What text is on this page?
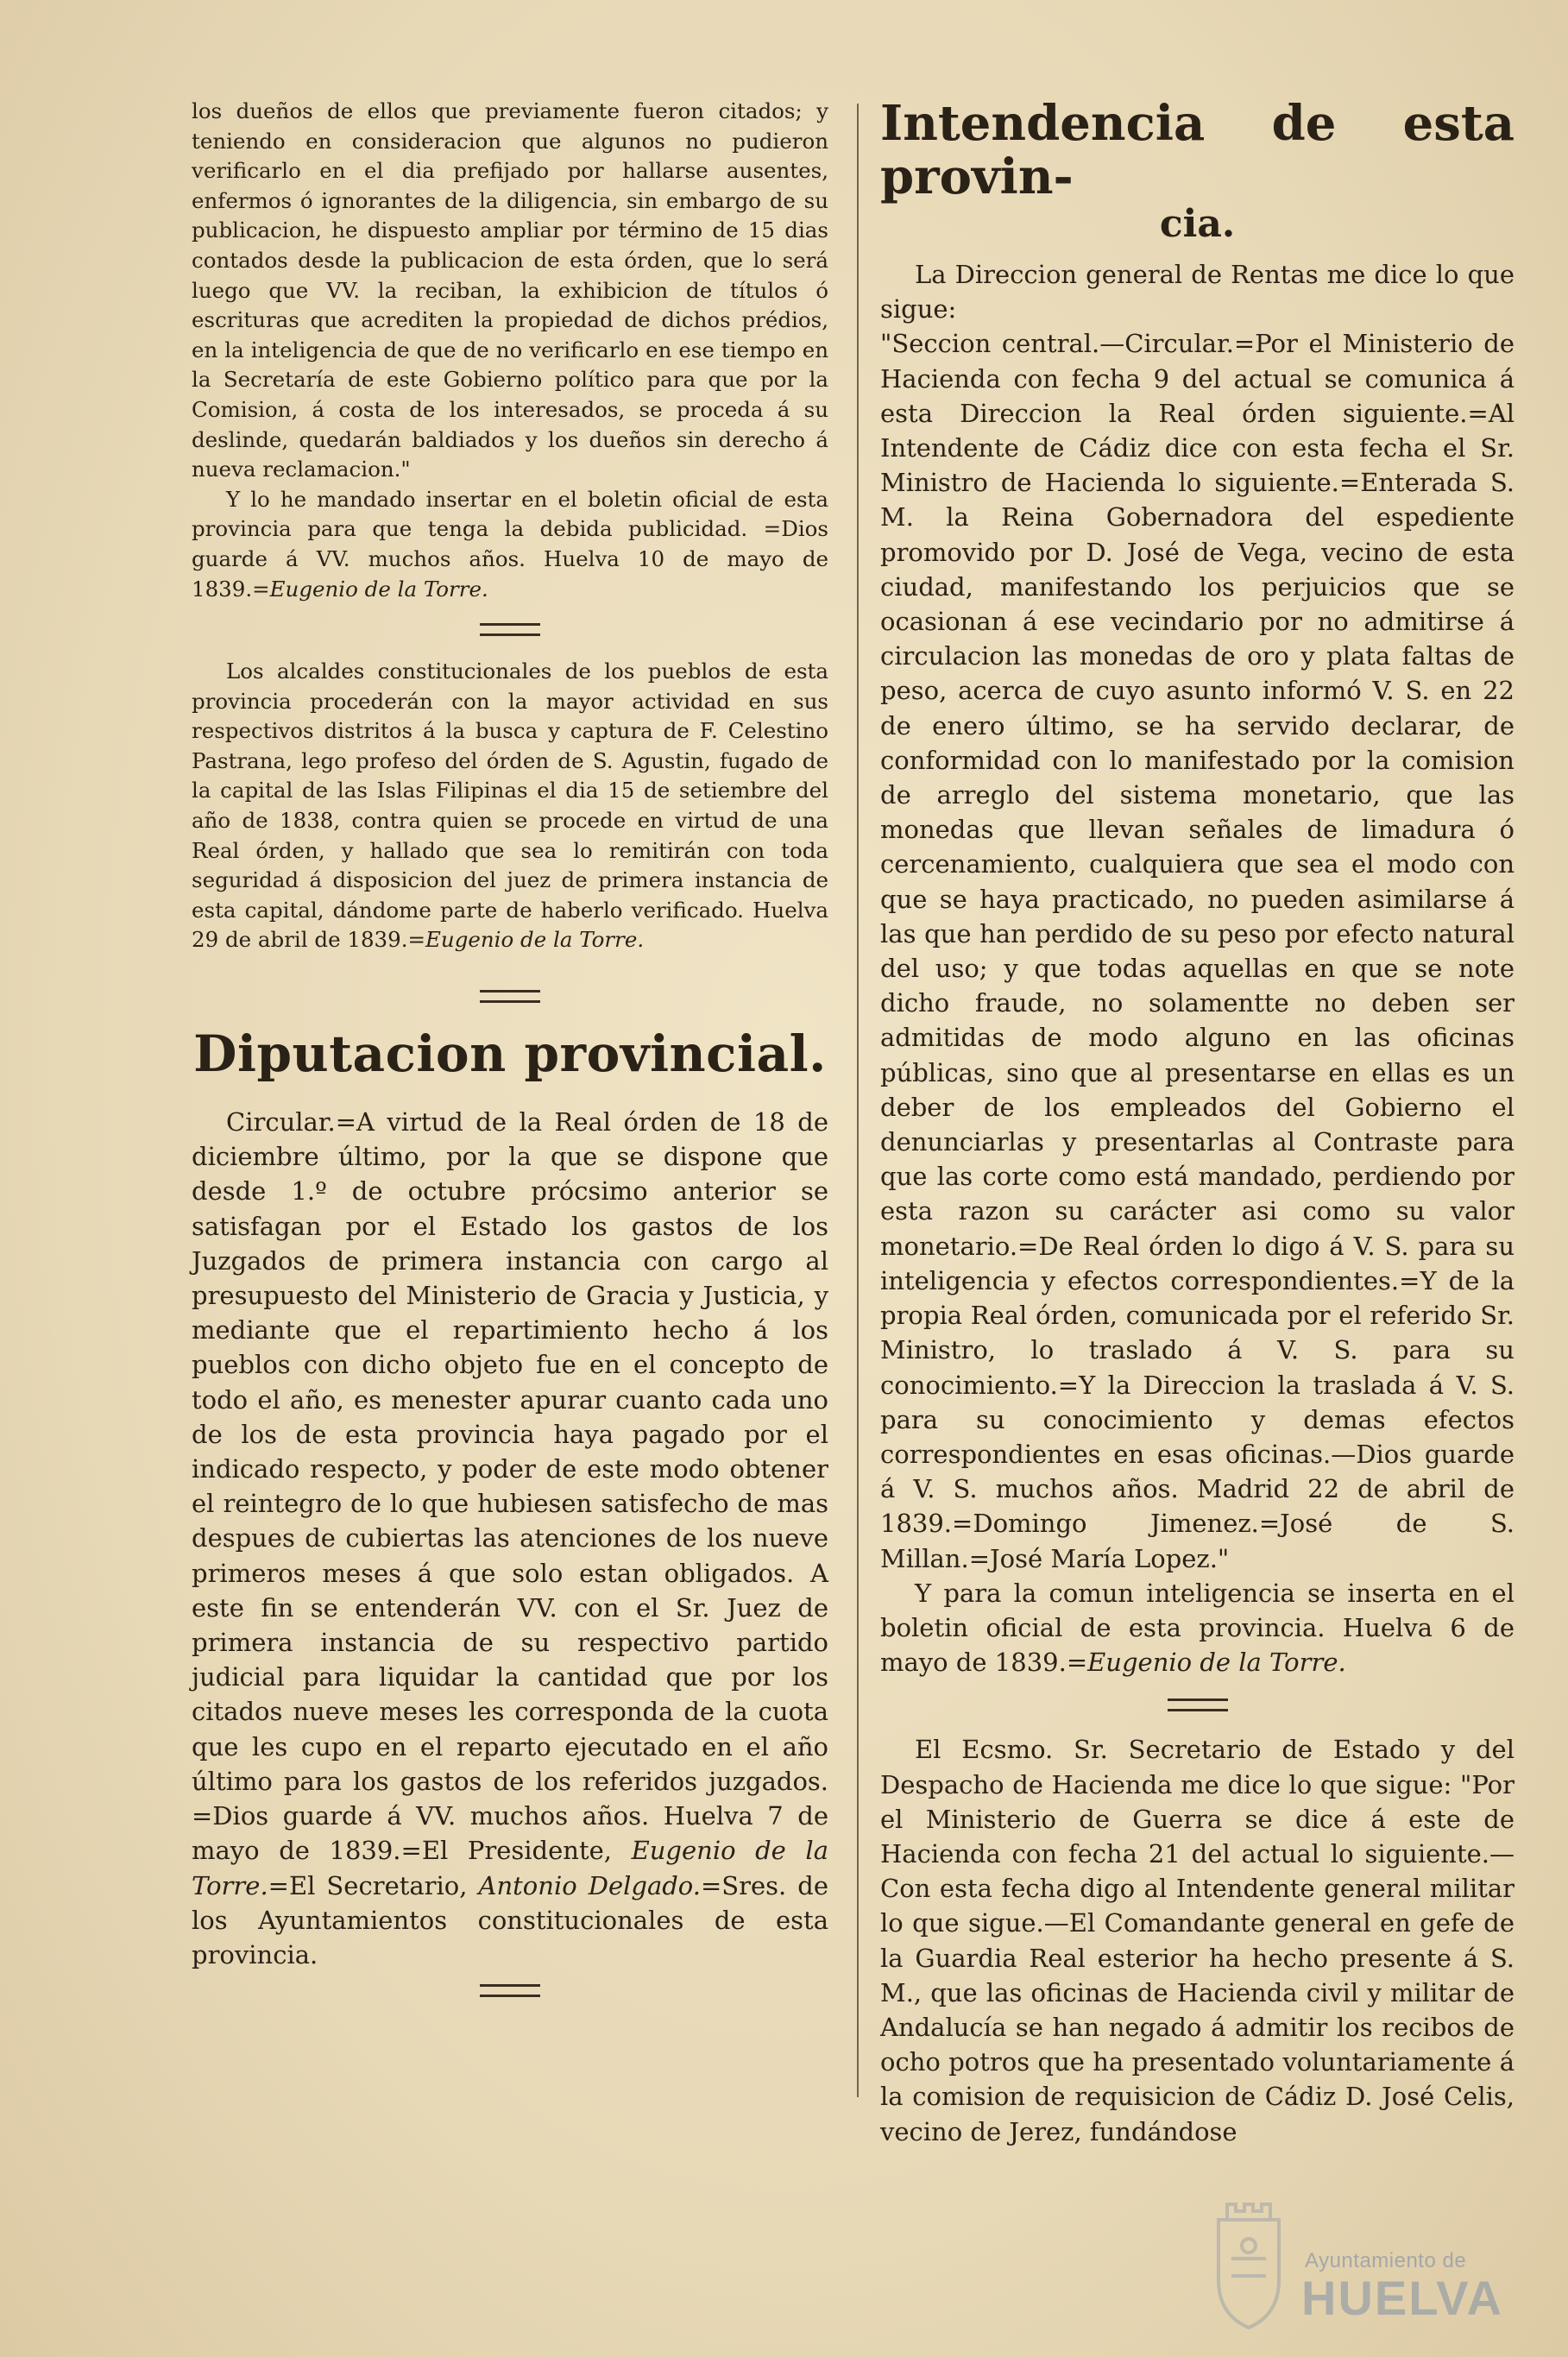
los dueños de ellos que previamente fueron citados; y teniendo en consideracion que algunos no pudieron verificarlo en el dia prefijado por hallarse ausentes, enfermos ó ignorantes de la diligencia, sin embargo de su publicacion, he dispuesto ampliar por término de 15 dias contados desde la publicacion de esta órden, que lo será luego que VV. la reciban, la exhibicion de títulos ó escrituras que acrediten la propiedad de dichos prédios, en la inteligencia de que de no verificarlo en ese tiempo en la Secretaría de este Gobierno político para que por la Comision, á costa de los interesados, se proceda á su deslinde, quedarán baldiados y los dueños sin derecho á nueva reclamacion."

Y lo he mandado insertar en el boletin oficial de esta provincia para que tenga la debida publicidad. =Dios guarde á VV. muchos años. Huelva 10 de mayo de 1839.=Eugenio de la Torre.

Los alcaldes constitucionales de los pueblos de esta provincia procederán con la mayor actividad en sus respectivos distritos á la busca y captura de F. Celestino Pastrana, lego profeso del órden de S. Agustin, fugado de la capital de las Islas Filipinas el dia 15 de setiembre del año de 1838, contra quien se procede en virtud de una Real órden, y hallado que sea lo remitirán con toda seguridad á disposicion del juez de primera instancia de esta capital, dándome parte de haberlo verificado. Huelva 29 de abril de 1839.=Eugenio de la Torre.

Diputacion provincial.

Circular.=A virtud de la Real órden de 18 de diciembre último, por la que se dispone que desde 1.º de octubre prócsimo anterior se satisfagan por el Estado los gastos de los Juzgados de primera instancia con cargo al presupuesto del Ministerio de Gracia y Justicia, y mediante que el repartimiento hecho á los pueblos con dicho objeto fue en el concepto de todo el año, es menester apurar cuanto cada uno de los de esta provincia haya pagado por el indicado respecto, y poder de este modo obtener el reintegro de lo que hubiesen satisfecho de mas despues de cubiertas las atenciones de los nueve primeros meses á que solo estan obligados. A este fin se entenderán VV. con el Sr. Juez de primera instancia de su respectivo partido judicial para liquidar la cantidad que por los citados nueve meses les corresponda de la cuota que les cupo en el reparto ejecutado en el año último para los gastos de los referidos juzgados. =Dios guarde á VV. muchos años. Huelva 7 de mayo de 1839.=El Presidente, Eugenio de la Torre.=El Secretario, Antonio Delgado.=Sres. de los Ayuntamientos constitucionales de esta provincia.

Intendencia de esta provin-
cia.

La Direccion general de Rentas me dice lo que sigue:

"Seccion central.—Circular.=Por el Ministerio de Hacienda con fecha 9 del actual se comunica á esta Direccion la Real órden siguiente.=Al Intendente de Cádiz dice con esta fecha el Sr. Ministro de Hacienda lo siguiente.=Enterada S. M. la Reina Gobernadora del espediente promovido por D. José de Vega, vecino de esta ciudad, manifestando los perjuicios que se ocasionan á ese vecindario por no admitirse á circulacion las monedas de oro y plata faltas de peso, acerca de cuyo asunto informó V. S. en 22 de enero último, se ha servido declarar, de conformidad con lo manifestado por la comision de arreglo del sistema monetario, que las monedas que llevan señales de limadura ó cercenamiento, cualquiera que sea el modo con que se haya practicado, no pueden asimilarse á las que han perdido de su peso por efecto natural del uso; y que todas aquellas en que se note dicho fraude, no solamentte no deben ser admitidas de modo alguno en las oficinas públicas, sino que al presentarse en ellas es un deber de los empleados del Gobierno el denunciarlas y presentarlas al Contraste para que las corte como está mandado, perdiendo por esta razon su carácter asi como su valor monetario.=De Real órden lo digo á V. S. para su inteligencia y efectos correspondientes.=Y de la propia Real órden, comunicada por el referido Sr. Ministro, lo traslado á V. S. para su conocimiento.=Y la Direccion la traslada á V. S. para su conocimiento y demas efectos correspondientes en esas oficinas.—Dios guarde á V. S. muchos años. Madrid 22 de abril de 1839.=Domingo Jimenez.=José de S. Millan.=José María Lopez."

Y para la comun inteligencia se inserta en el boletin oficial de esta provincia. Huelva 6 de mayo de 1839.=Eugenio de la Torre.

El Ecsmo. Sr. Secretario de Estado y del Despacho de Hacienda me dice lo que sigue: "Por el Ministerio de Guerra se dice á este de Hacienda con fecha 21 del actual lo siguiente.—Con esta fecha digo al Intendente general militar lo que sigue.—El Comandante general en gefe de la Guardia Real esterior ha hecho presente á S. M., que las oficinas de Hacienda civil y militar de Andalucía se han negado á admitir los recibos de ocho potros que ha presentado voluntariamente á la comision de requisicion de Cádiz D. José Celis, vecino de Jerez, fundándose

Ayuntamiento de
HUELVA
